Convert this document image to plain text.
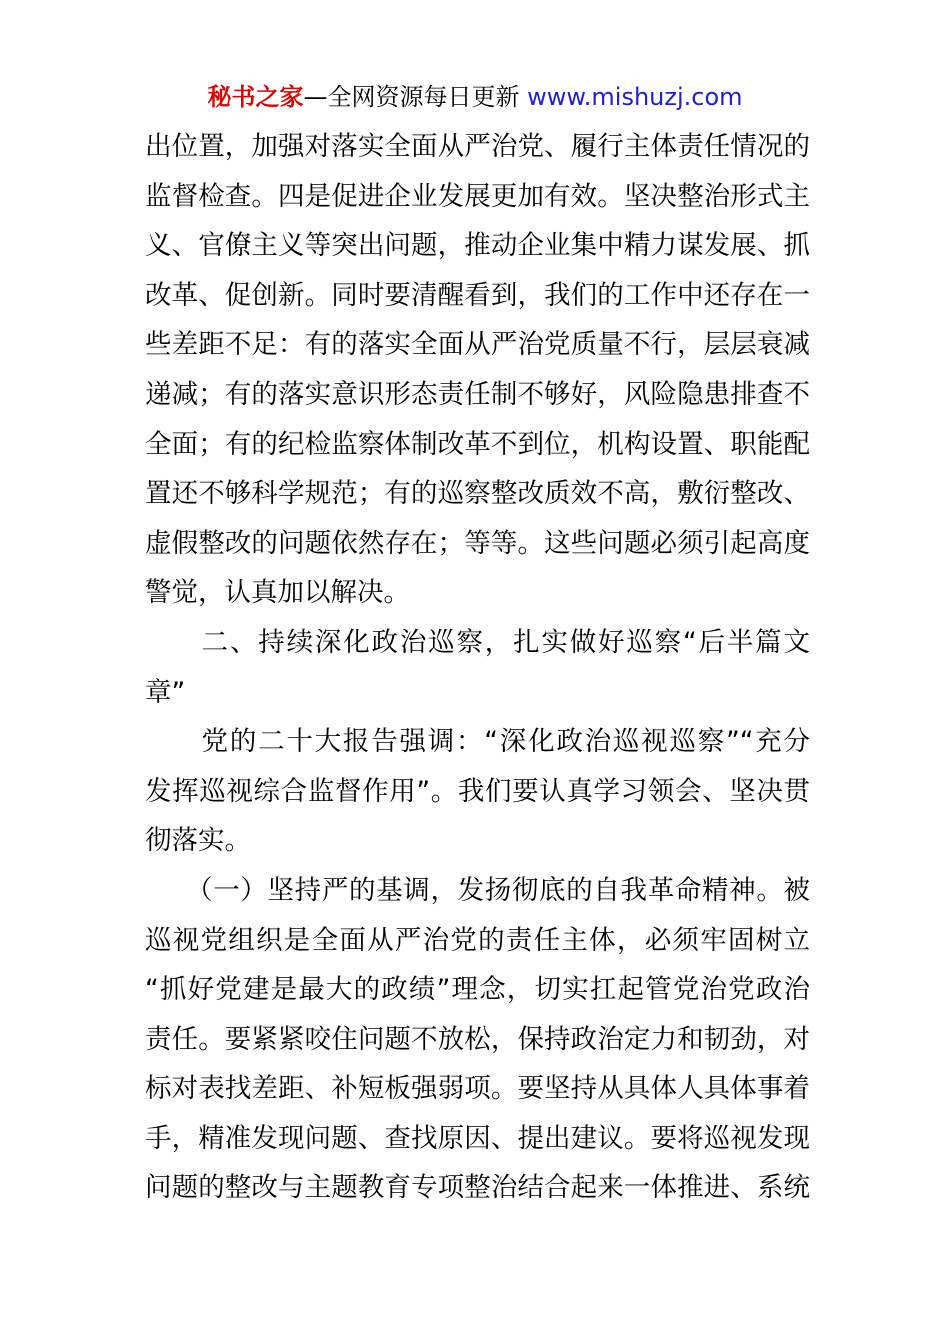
秘书之家—全网资源每日更新 www.mishuzj.com
出位置，加强对落实全面从严治党、履行主体责任情况的
监督检查。四是促进企业发展更加有效。坚决整治形式主
义、官僚主义等突出问题，推动企业集中精力谋发展、抓
改革、促创新。同时要清醒看到，我们的工作中还存在一
些差距不足：有的落实全面从严治党质量不行，层层衰减
递减；有的落实意识形态责任制不够好，风险隐患排查不
全面；有的纪检监察体制改革不到位，机构设置、职能配
置还不够科学规范；有的巡察整改质效不高，敷衍整改、
虚假整改的问题依然存在；等等。这些问题必须引起高度
警觉，认真加以解决。
　　二、持续深化政治巡察，扎实做好巡察“后半篇文
章”
　　党的二十大报告强调：“深化政治巡视巡察”“充分
发挥巡视综合监督作用”。我们要认真学习领会、坚决贯
彻落实。
　　（一）坚持严的基调，发扬彻底的自我革命精神。被
巡视党组织是全面从严治党的责任主体，必须牢固树立
“抓好党建是最大的政绩”理念，切实扛起管党治党政治
责任。要紧紧咬住问题不放松，保持政治定力和韧劲，对
标对表找差距、补短板强弱项。要坚持从具体人具体事着
手，精准发现问题、查找原因、提出建议。要将巡视发现
问题的整改与主题教育专项整治结合起来一体推进、系统
